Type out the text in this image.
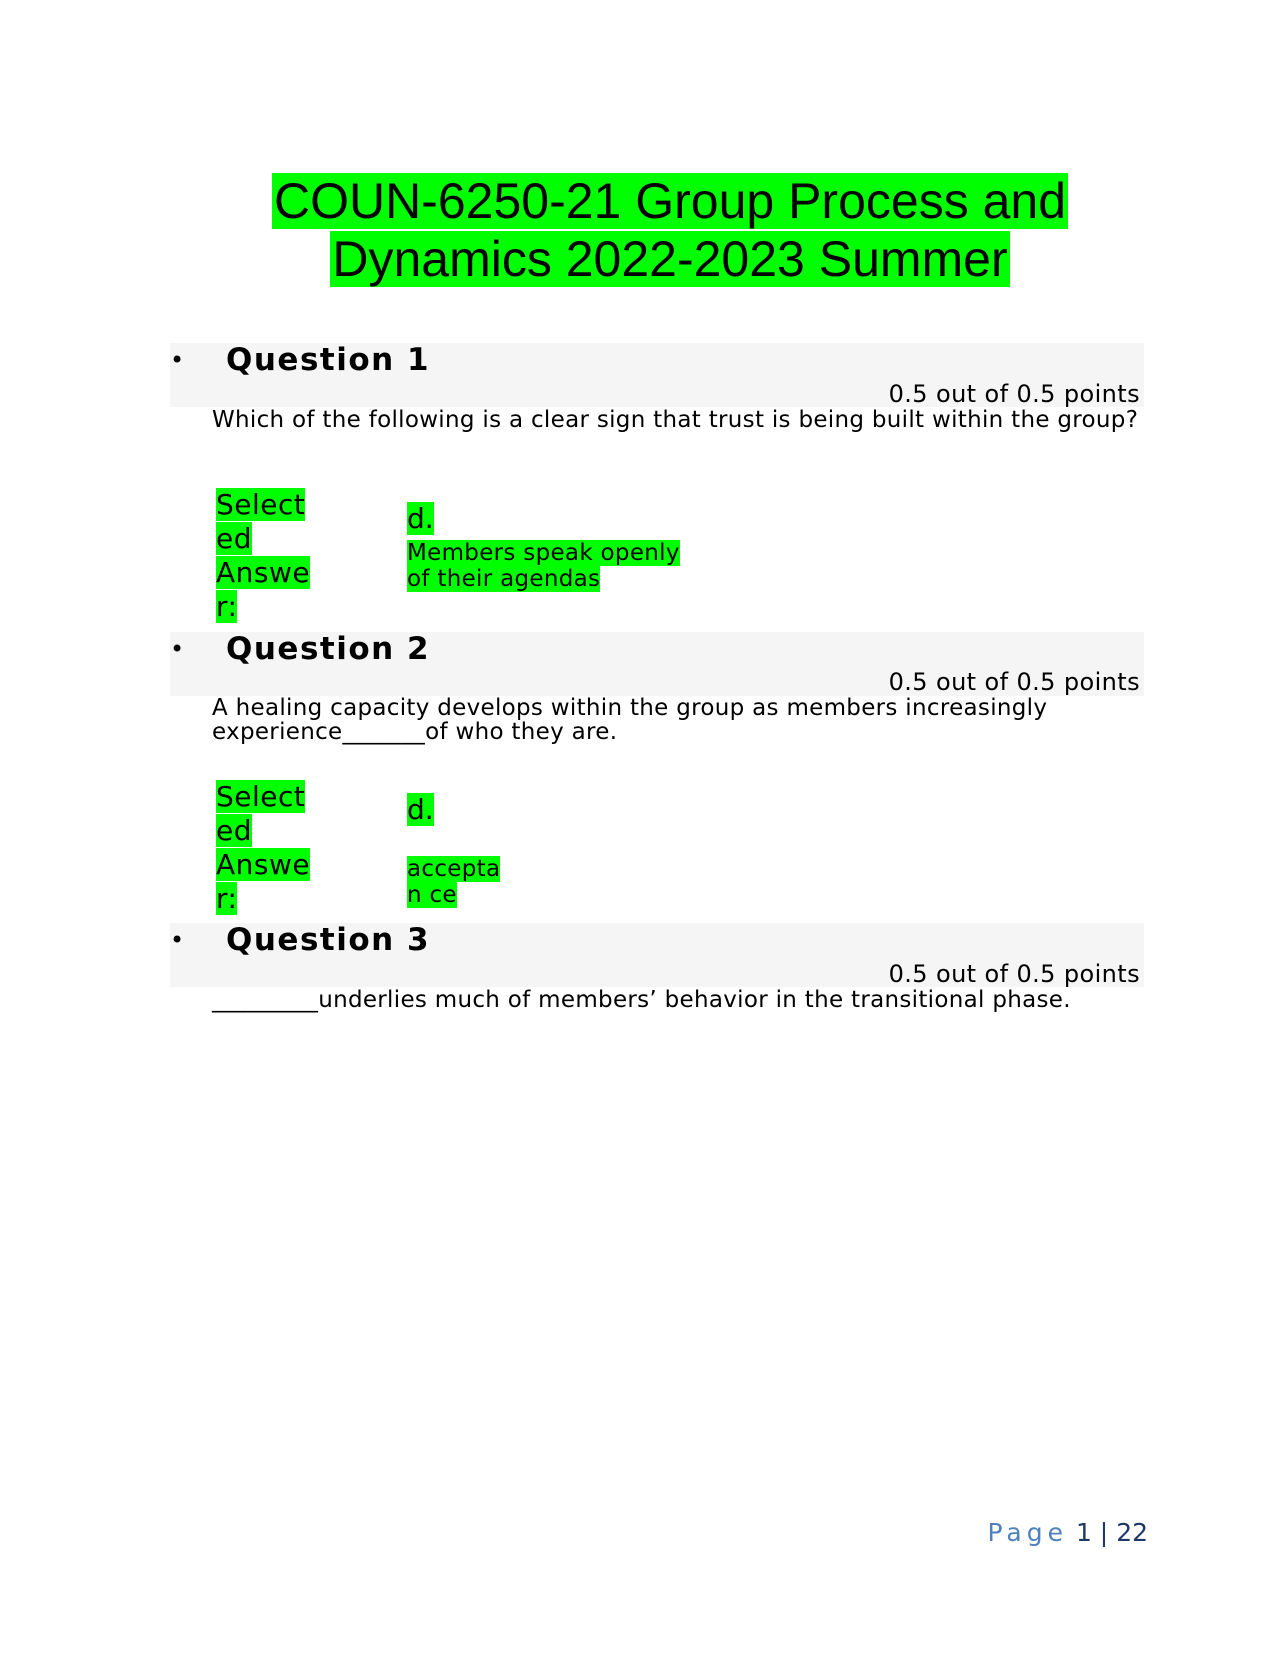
COUN-6250-21 Group Process and
Dynamics 2022-2023 Summer
• Question 1
0.5 out of 0.5 points
Which of the following is a clear sign that trust is being built within the group?
Select
ed
Answe
r:
d.
Members speak openly
of their agendas
• Question 2
0.5 out of 0.5 points
A healing capacity develops within the group as members increasingly experience_______of who they are.
Select
ed
Answe
r:
d.
accepta
n ce
• Question 3
0.5 out of 0.5 points
_________underlies much of members’ behavior in the transitional phase.
Page 1 | 22
